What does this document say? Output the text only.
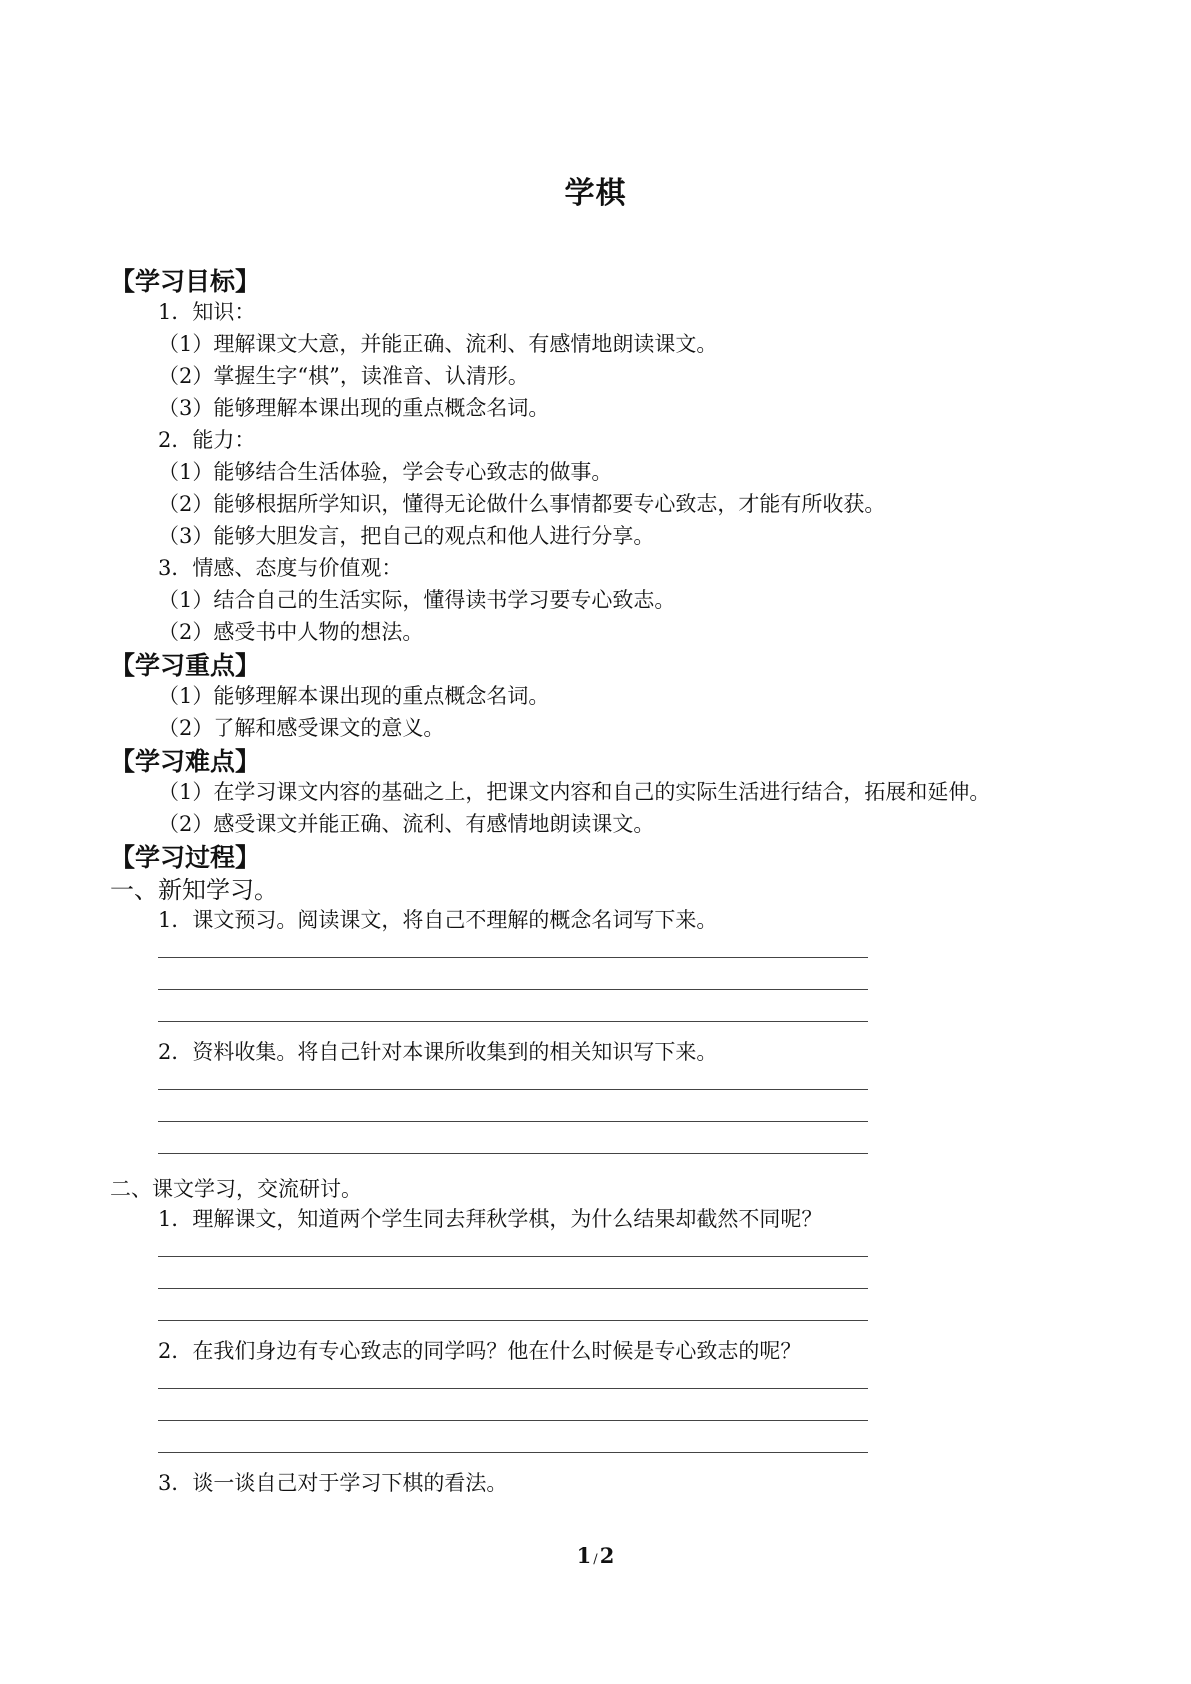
学棋
【学习目标】
1．知识：
（1）理解课文大意，并能正确、流利、有感情地朗读课文。
（2）掌握生字“棋”，读准音、认清形。
（3）能够理解本课出现的重点概念名词。
2．能力：
（1）能够结合生活体验，学会专心致志的做事。
（2）能够根据所学知识，懂得无论做什么事情都要专心致志，才能有所收获。
（3）能够大胆发言，把自己的观点和他人进行分享。
3．情感、态度与价值观：
（1）结合自己的生活实际，懂得读书学习要专心致志。
（2）感受书中人物的想法。
【学习重点】
（1）能够理解本课出现的重点概念名词。
（2）了解和感受课文的意义。
【学习难点】
（1）在学习课文内容的基础之上，把课文内容和自己的实际生活进行结合，拓展和延伸。
（2）感受课文并能正确、流利、有感情地朗读课文。
【学习过程】
一、新知学习。
1．课文预习。阅读课文，将自己不理解的概念名词写下来。
2．资料收集。将自己针对本课所收集到的相关知识写下来。
二、课文学习，交流研讨。
1．理解课文，知道两个学生同去拜秋学棋，为什么结果却截然不同呢？
2．在我们身边有专心致志的同学吗？他在什么时候是专心致志的呢？
3．谈一谈自己对于学习下棋的看法。
1 /2
